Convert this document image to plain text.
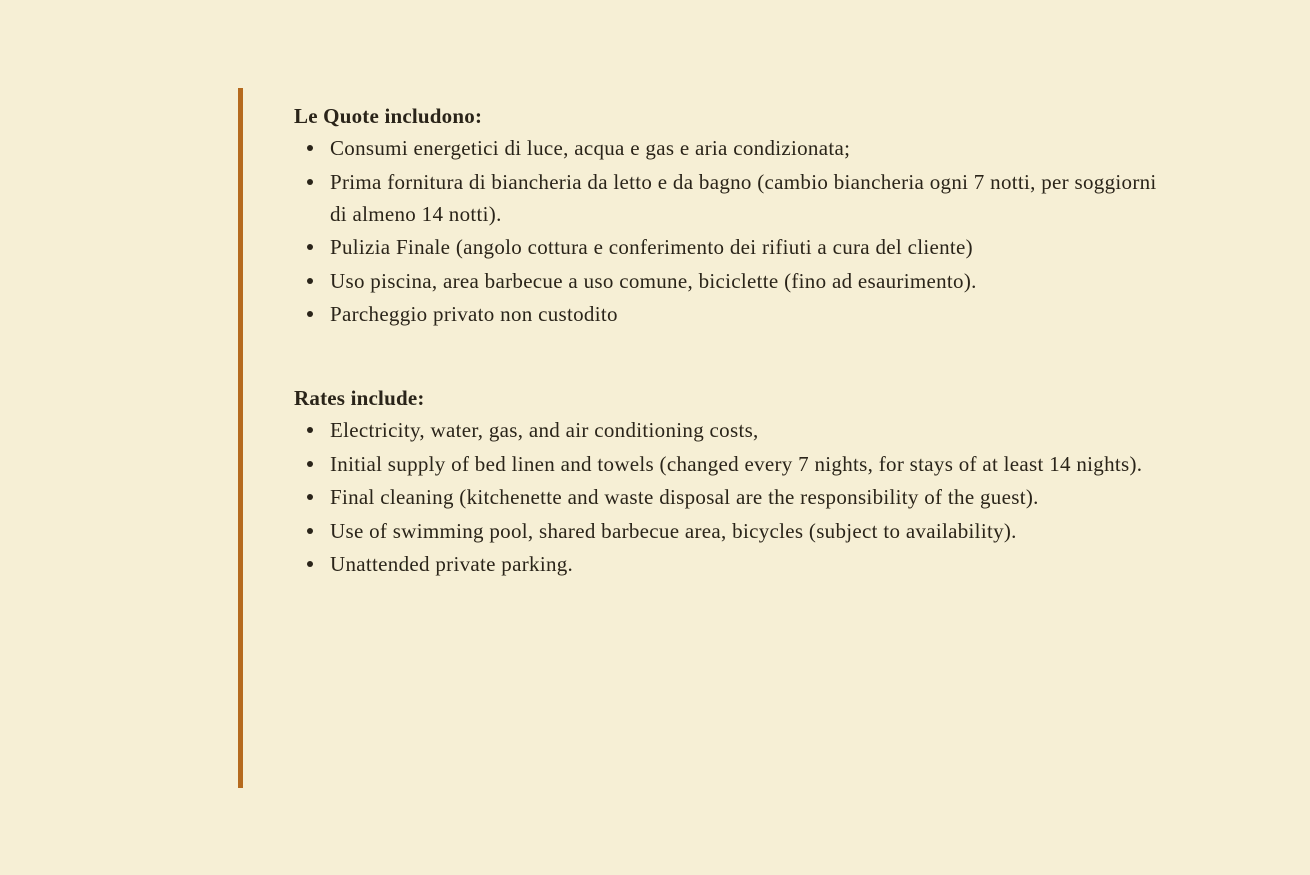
Le Quote includono:

Consumi energetici di luce, acqua e gas e aria condizionata;
Prima fornitura di biancheria da letto e da bagno (cambio biancheria ogni 7 notti, per soggiorni di almeno 14 notti).
Pulizia Finale (angolo cottura e conferimento dei rifiuti a cura del cliente)
Uso piscina, area barbecue a uso comune, biciclette (fino ad esaurimento).
Parcheggio privato non custodito

Rates include:

Electricity, water, gas, and air conditioning costs,
Initial supply of bed linen and towels (changed every 7 nights, for stays of at least 14 nights).
Final cleaning (kitchenette and waste disposal are the responsibility of the guest).
Use of swimming pool, shared barbecue area, bicycles (subject to availability).
Unattended private parking.
